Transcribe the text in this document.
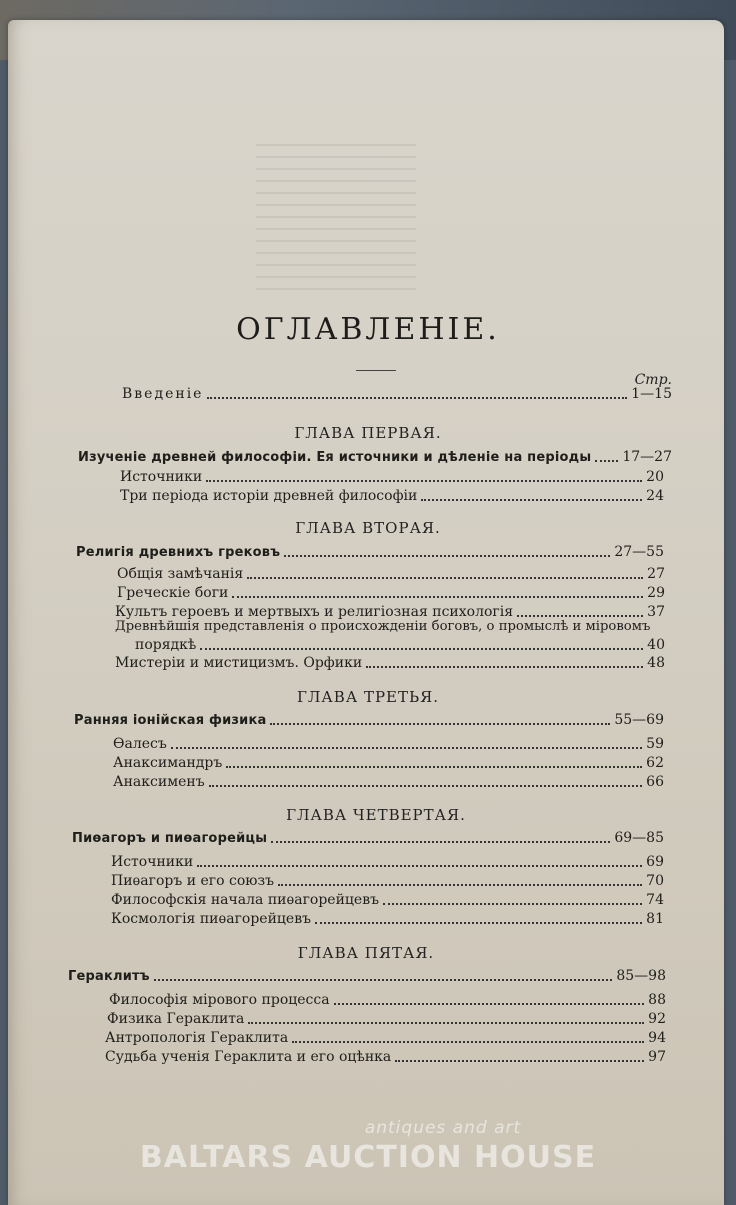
ОГЛАВЛЕНІЕ.
Стр.
Введеніе	1—15
ГЛАВА ПЕРВАЯ.
Изученіе древней философіи. Ея источники и дѣленіе на періоды 17—27
Источники	20
Три періода исторіи древней философіи	24
ГЛАВА ВТОРАЯ.
Религія древнихъ грековъ	27—55
Общія замѣчанія	27
Греческіе боги	29
Культъ героевъ и мертвыхъ и религіозная психологія	37
Древнѣйшія представленія о происхожденіи боговъ, о промыслѣ и міровомъ
порядкѣ	40
Мистеріи и мистицизмъ. Орфики	48
ГЛАВА ТРЕТЬЯ.
Ранняя іонійская физика	55—69
Ѳалесъ	59
Анаксимандръ	62
Анаксименъ	66
ГЛАВА ЧЕТВЕРТАЯ.
Пиѳагоръ и пиѳагорейцы	69—85
Источники	69
Пиѳагоръ и его союзъ	70
Философскія начала пиѳагорейцевъ	74
Космологія пиѳагорейцевъ	81
ГЛАВА ПЯТАЯ.
Гераклитъ	85—98
Философія мірового процесса	88
Физика Гераклита	92
Антропологія Гераклита	94
Судьба ученія Гераклита и его оцѣнка	97
antiques and art
BALTARS AUCTION HOUSE
